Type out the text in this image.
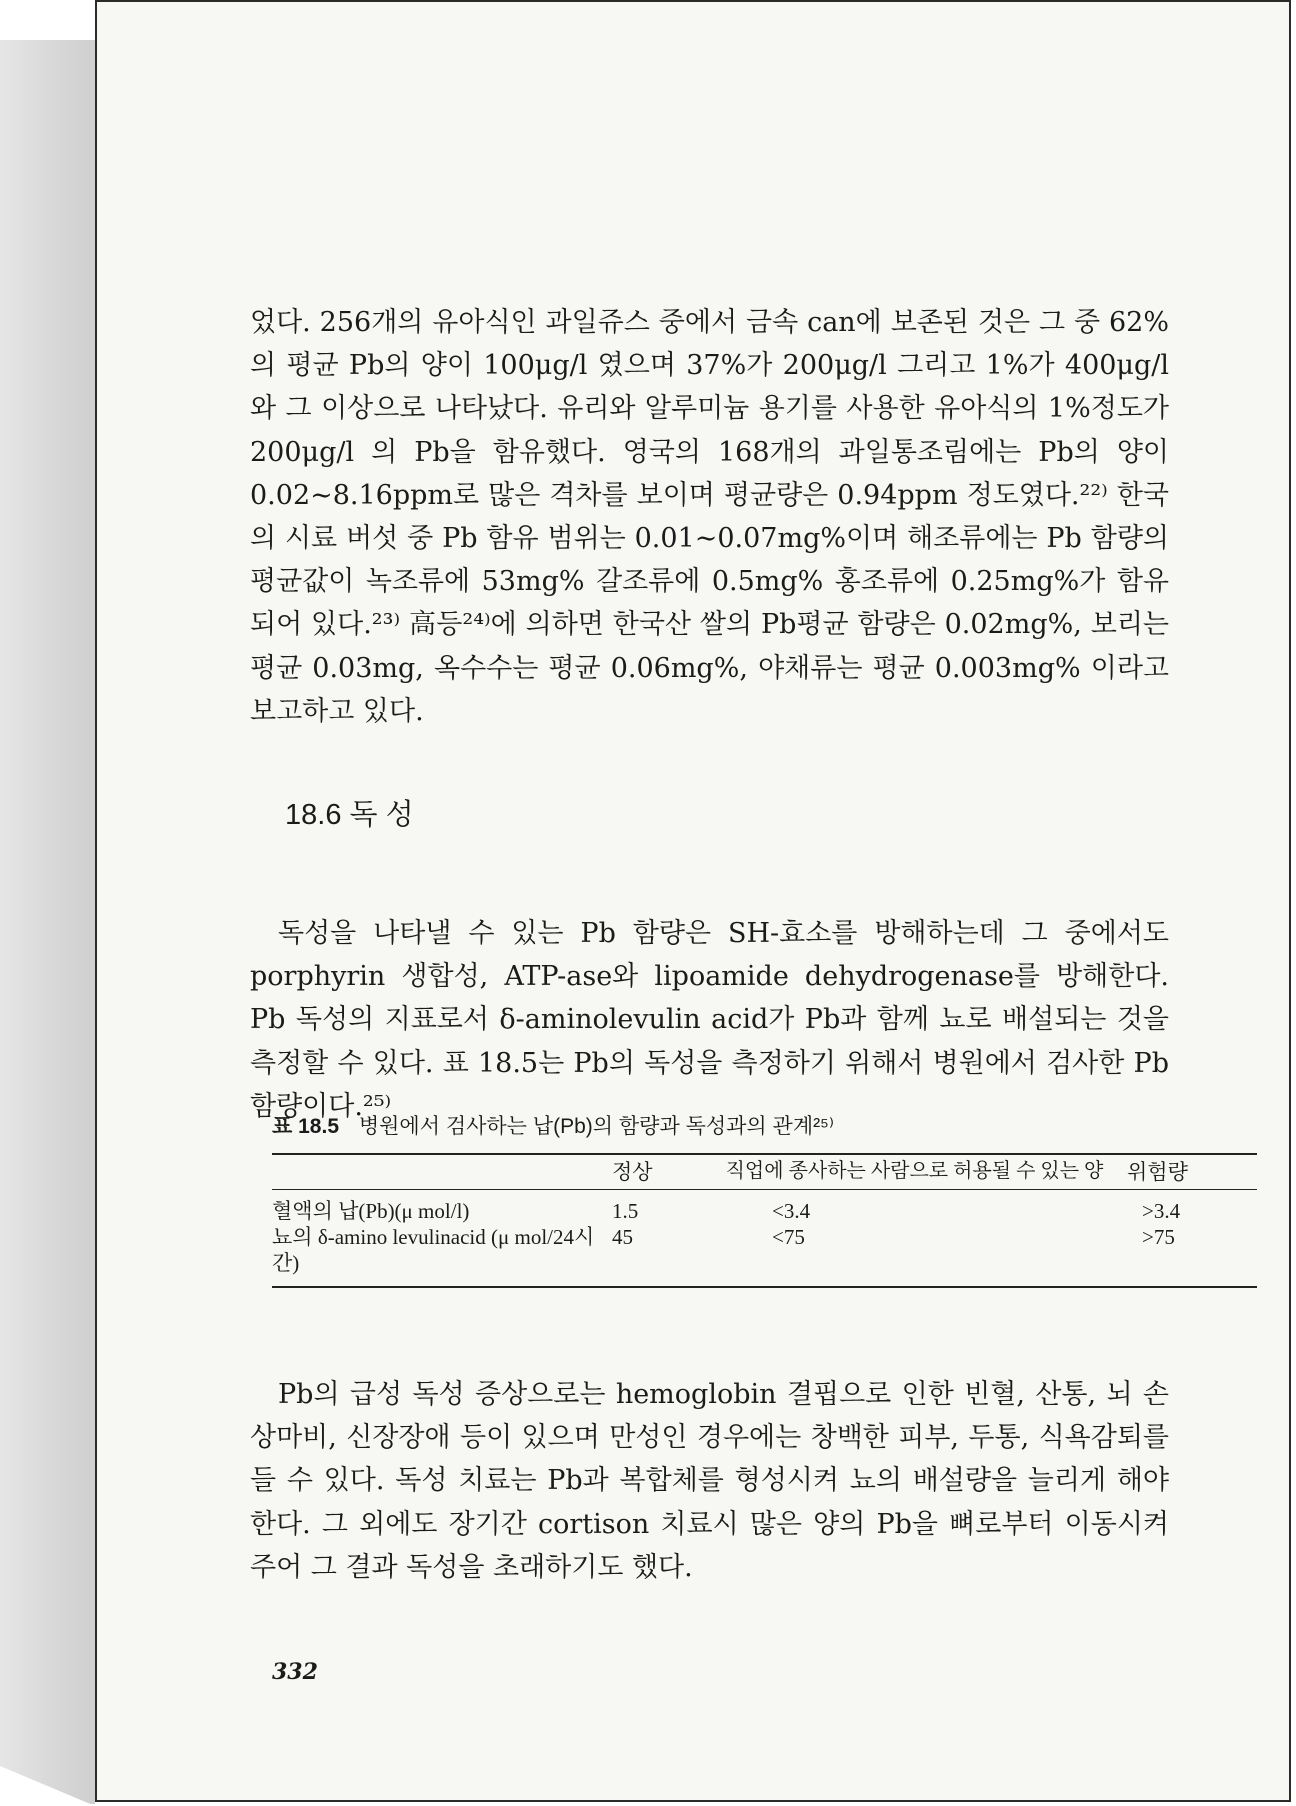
었다. 256개의 유아식인 과일쥬스 중에서 금속 can에 보존된 것은 그 중 62%의 평균 Pb의 양이 100μg/l 였으며 37%가 200μg/l 그리고 1%가 400μg/l 와 그 이상으로 나타났다. 유리와 알루미늄 용기를 사용한 유아식의 1%정도가 200μg/l 의 Pb을 함유했다. 영국의 168개의 과일통조림에는 Pb의 양이 0.02∼8.16ppm로 많은 격차를 보이며 평균량은 0.94ppm 정도였다.²²⁾ 한국의 시료 버섯 중 Pb 함유 범위는 0.01∼0.07mg%이며 해조류에는 Pb 함량의 평균값이 녹조류에 53mg% 갈조류에 0.5mg% 홍조류에 0.25mg%가 함유되어 있다.²³⁾ 高등²⁴⁾에 의하면 한국산 쌀의 Pb평균 함량은 0.02mg%, 보리는 평균 0.03mg, 옥수수는 평균 0.06mg%, 야채류는 평균 0.003mg% 이라고 보고하고 있다.

18.6 독 성

독성을 나타낼 수 있는 Pb 함량은 SH-효소를 방해하는데 그 중에서도 porphyrin 생합성, ATP-ase와 lipoamide dehydrogenase를 방해한다. Pb 독성의 지표로서 δ-aminolevulin acid가 Pb과 함께 뇨로 배설되는 것을 측정할 수 있다. 표 18.5는 Pb의 독성을 측정하기 위해서 병원에서 검사한 Pb 함량이다.²⁵⁾

표 18.5 병원에서 검사하는 납(Pb)의 함량과 독성과의 관계²⁵⁾
	정상	직업에 종사하는 사람으로 허용될 수 있는 양	위험량
혈액의 납(Pb)(μ mol/l)	1.5	<3.4	>3.4
뇨의 δ-amino levulinacid (μ mol/24시간)	45	<75	>75

Pb의 급성 독성 증상으로는 hemoglobin 결핍으로 인한 빈혈, 산통, 뇌 손상마비, 신장장애 등이 있으며 만성인 경우에는 창백한 피부, 두통, 식욕감퇴를 들 수 있다. 독성 치료는 Pb과 복합체를 형성시켜 뇨의 배설량을 늘리게 해야 한다. 그 외에도 장기간 cortison 치료시 많은 양의 Pb을 뼈로부터 이동시켜 주어 그 결과 독성을 초래하기도 했다.

332
